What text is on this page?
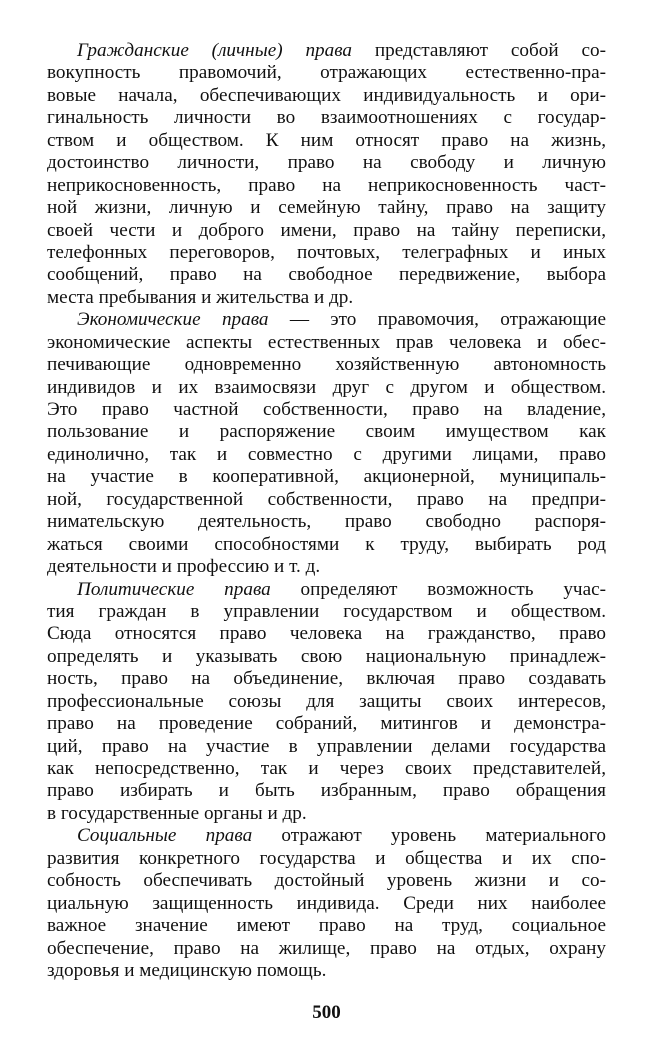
Гражданские (личные) права представляют собой со-
вокупность правомочий, отражающих естественно-пра-
вовые начала, обеспечивающих индивидуальность и ори-
гинальность личности во взаимоотношениях с государ-
ством и обществом. К ним относят право на жизнь,
достоинство личности, право на свободу и личную
неприкосновенность, право на неприкосновенность част-
ной жизни, личную и семейную тайну, право на защиту
своей чести и доброго имени, право на тайну переписки,
телефонных переговоров, почтовых, телеграфных и иных
сообщений, право на свободное передвижение, выбора
места пребывания и жительства и др.
Экономические права — это правомочия, отражающие
экономические аспекты естественных прав человека и обес-
печивающие одновременно хозяйственную автономность
индивидов и их взаимосвязи друг с другом и обществом.
Это право частной собственности, право на владение,
пользование и распоряжение своим имуществом как
единолично, так и совместно с другими лицами, право
на участие в кооперативной, акционерной, муниципаль-
ной, государственной собственности, право на предпри-
нимательскую деятельность, право свободно распоря-
жаться своими способностями к труду, выбирать род
деятельности и профессию и т. д.
Политические права определяют возможность учас-
тия граждан в управлении государством и обществом.
Сюда относятся право человека на гражданство, право
определять и указывать свою национальную принадлеж-
ность, право на объединение, включая право создавать
профессиональные союзы для защиты своих интересов,
право на проведение собраний, митингов и демонстра-
ций, право на участие в управлении делами государства
как непосредственно, так и через своих представителей,
право избирать и быть избранным, право обращения
в государственные органы и др.
Социальные права отражают уровень материального
развития конкретного государства и общества и их спо-
собность обеспечивать достойный уровень жизни и со-
циальную защищенность индивида. Среди них наиболее
важное значение имеют право на труд, социальное
обеспечение, право на жилище, право на отдых, охрану
здоровья и медицинскую помощь.
500
